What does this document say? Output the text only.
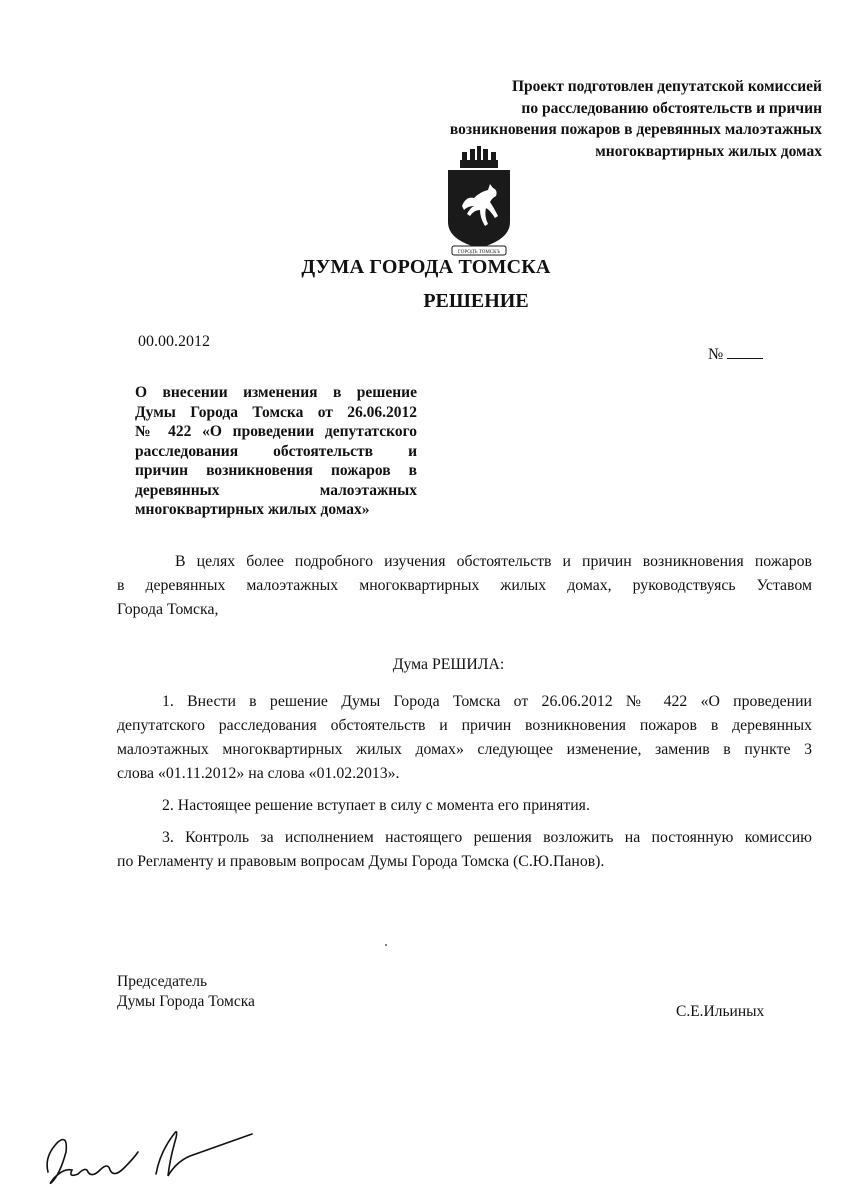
Проект подготовлен депутатской комиссией
по расследованию обстоятельств и причин
возникновения пожаров в деревянных малоэтажных
многоквартирных жилых домах
ГОРОДЪ ТОМСКЪ
ДУМА ГОРОДА ТОМСКА
РЕШЕНИЕ
00.00.2012
№
О внесении изменения в решение
Думы Города Томска от 26.06.2012
№ 422 «О проведении депутатского
расследования обстоятельств и
причин возникновения пожаров в
деревянных малоэтажных
многоквартирных жилых домах»
В целях более подробного изучения обстоятельств и причин возникновения пожаров
в деревянных малоэтажных многоквартирных жилых домах, руководствуясь Уставом
Города Томска,
Дума РЕШИЛА:
1. Внести в решение Думы Города Томска от 26.06.2012 № 422 «О проведении
депутатского расследования обстоятельств и причин возникновения пожаров в деревянных
малоэтажных многоквартирных жилых домах» следующее изменение, заменив в пункте 3
слова «01.11.2012» на слова «01.02.2013».
2. Настоящее решение вступает в силу с момента его принятия.
3. Контроль за исполнением настоящего решения возложить на постоянную комиссию
по Регламенту и правовым вопросам Думы Города Томска (С.Ю.Панов).
Председатель
Думы Города Томска
С.Е.Ильиных
